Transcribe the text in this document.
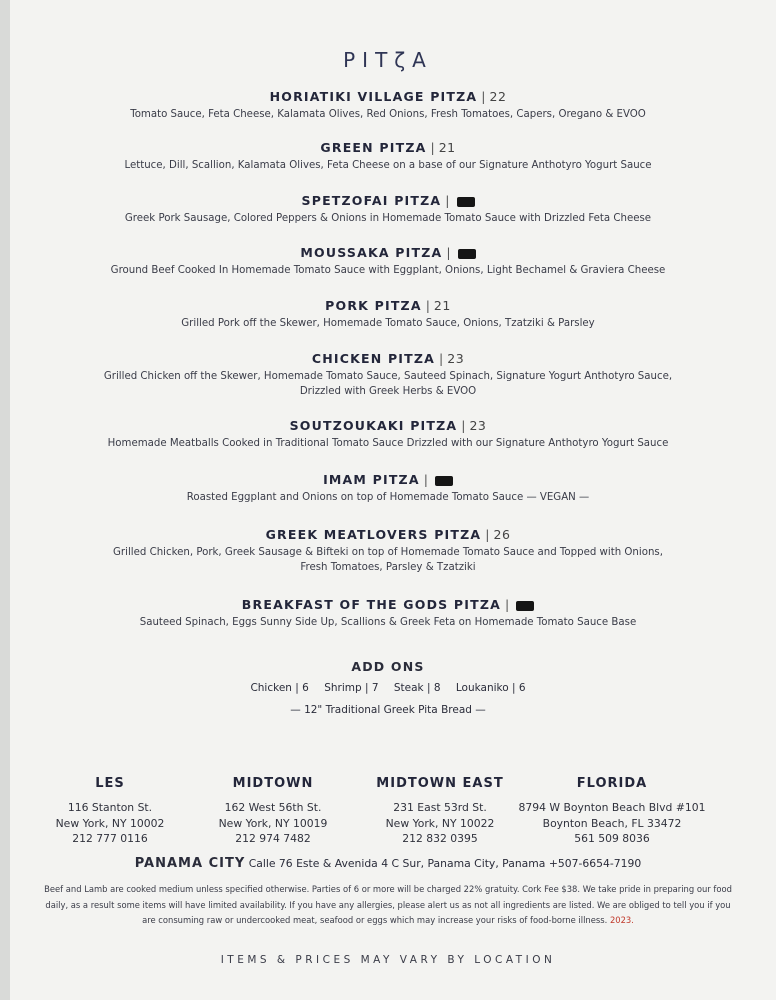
PITζA
HORIATIKI VILLAGE PITZA | 22
Tomato Sauce, Feta Cheese, Kalamata Olives, Red Onions, Fresh Tomatoes, Capers, Oregano & EVOO
GREEN PITZA | 21
Lettuce, Dill, Scallion, Kalamata Olives, Feta Cheese on a base of our Signature Anthotyro Yogurt Sauce
SPETZOFAI PITZA |
Greek Pork Sausage, Colored Peppers & Onions in Homemade Tomato Sauce with Drizzled Feta Cheese
MOUSSAKA PITZA |
Ground Beef Cooked In Homemade Tomato Sauce with Eggplant, Onions, Light Bechamel & Graviera Cheese
PORK PITZA | 21
Grilled Pork off the Skewer, Homemade Tomato Sauce, Onions, Tzatziki & Parsley
CHICKEN PITZA | 23
Grilled Chicken off the Skewer, Homemade Tomato Sauce, Sauteed Spinach, Signature Yogurt Anthotyro Sauce,
Drizzled with Greek Herbs & EVOO
SOUTZOUKAKI PITZA | 23
Homemade Meatballs Cooked in Traditional Tomato Sauce Drizzled with our Signature Anthotyro Yogurt Sauce
IMAM PITZA |
Roasted Eggplant and Onions on top of Homemade Tomato Sauce — VEGAN —
GREEK MEATLOVERS PITZA | 26
Grilled Chicken, Pork, Greek Sausage & Bifteki on top of Homemade Tomato Sauce and Topped with Onions,
Fresh Tomatoes, Parsley & Tzatziki
BREAKFAST OF THE GODS PITZA |
Sauteed Spinach, Eggs Sunny Side Up, Scallions & Greek Feta on Homemade Tomato Sauce Base
ADD ONS
Chicken | 6 Shrimp | 7 Steak | 8 Loukaniko | 6
— 12" Traditional Greek Pita Bread —
LES
116 Stanton St.
New York, NY 10002
212 777 0116
MIDTOWN
162 West 56th St.
New York, NY 10019
212 974 7482
MIDTOWN EAST
231 East 53rd St.
New York, NY 10022
212 832 0395
FLORIDA
8794 W Boynton Beach Blvd #101
Boynton Beach, FL 33472
561 509 8036
PANAMA CITY Calle 76 Este & Avenida 4 C Sur, Panama City, Panama +507-6654-7190
Beef and Lamb are cooked medium unless specified otherwise. Parties of 6 or more will be charged 22% gratuity. Cork Fee $38. We take pride in preparing our food daily, as a result some items will have limited availability. If you have any allergies, please alert us as not all ingredients are listed. We are obliged to tell you if you are consuming raw or undercooked meat, seafood or eggs which may increase your risks of food-borne illness. 2023.
ITEMS & PRICES MAY VARY BY LOCATION
